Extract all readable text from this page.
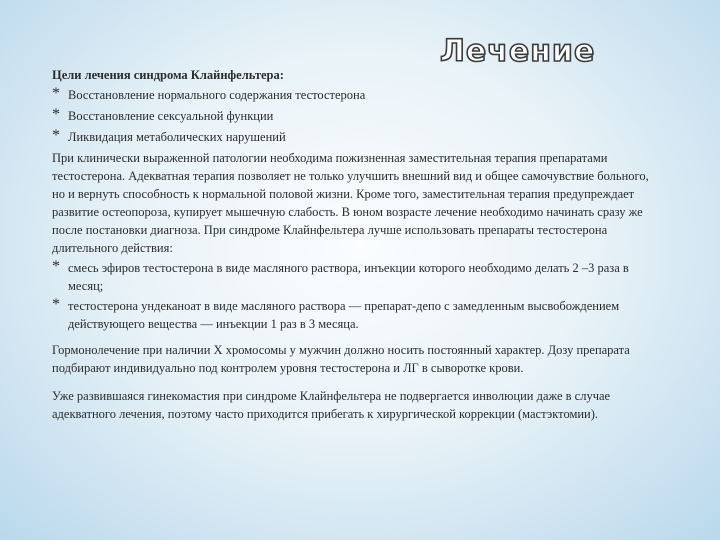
Лечение
Цели лечения синдрома Клайнфельтера:
* Восстановление нормального содержания тестостерона
* Восстановление сексуальной функции
* Ликвидация метаболических нарушений

При клинически выраженной патологии необходима пожизненная заместительная терапия препаратами тестостерона. Адекватная терапия позволяет не только улучшить внешний вид и общее самочувствие больного, но и вернуть способность к нормальной половой жизни. Кроме того, заместительная терапия предупреждает развитие остеопороза, купирует мышечную слабость. В юном возрасте лечение необходимо начинать сразу же после постановки диагноза. При синдроме Клайнфельтера лучше использовать препараты тестостерона длительного действия:

* смесь эфиров тестостерона в виде масляного раствора, инъекции которого необходимо делать 2 –3 раза в месяц;
* тестостерона ундеканоат в виде масляного раствора — препарат-депо с замедленным высвобождением действующего вещества — инъекции 1 раз в 3 месяца.

Гормонолечение при наличии X хромосомы у мужчин должно носить постоянный характер. Дозу препарата подбирают индивидуально под контролем уровня тестостерона и ЛГ в сыворотке крови.

Уже развившаяся гинекомастия при синдроме Клайнфельтера не подвергается инволюции даже в случае адекватного лечения, поэтому часто приходится прибегать к хирургической коррекции (мастэктомии).
